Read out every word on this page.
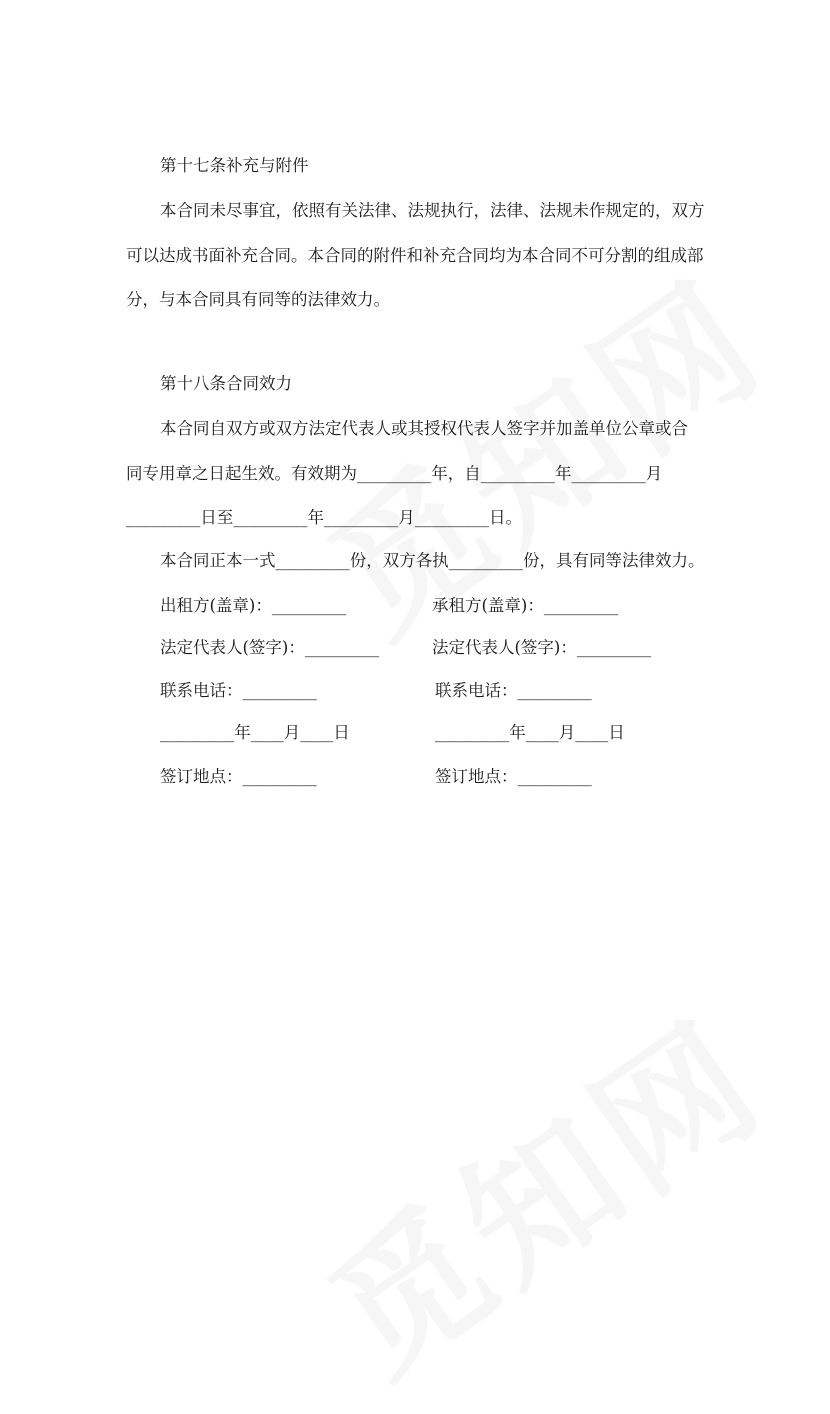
第十七条补充与附件
本合同未尽事宜，依照有关法律、法规执行，法律、法规未作规定的，双方
可以达成书面补充合同。本合同的附件和补充合同均为本合同不可分割的组成部
分，与本合同具有同等的法律效力。
第十八条合同效力
本合同自双方或双方法定代表人或其授权代表人签字并加盖单位公章或合
同专用章之日起生效。有效期为_________年，自_________年_________月
_________日至_________年_________月_________日。
本合同正本一式_________份，双方各执_________份，具有同等法律效力。
出租方(盖章)：_________	承租方(盖章)：_________
法定代表人(签字)：_________	法定代表人(签字)：_________
联系电话：_________	联系电话：_________
_________年____月____日	_________年____月____日
签订地点：_________	签订地点：_________
